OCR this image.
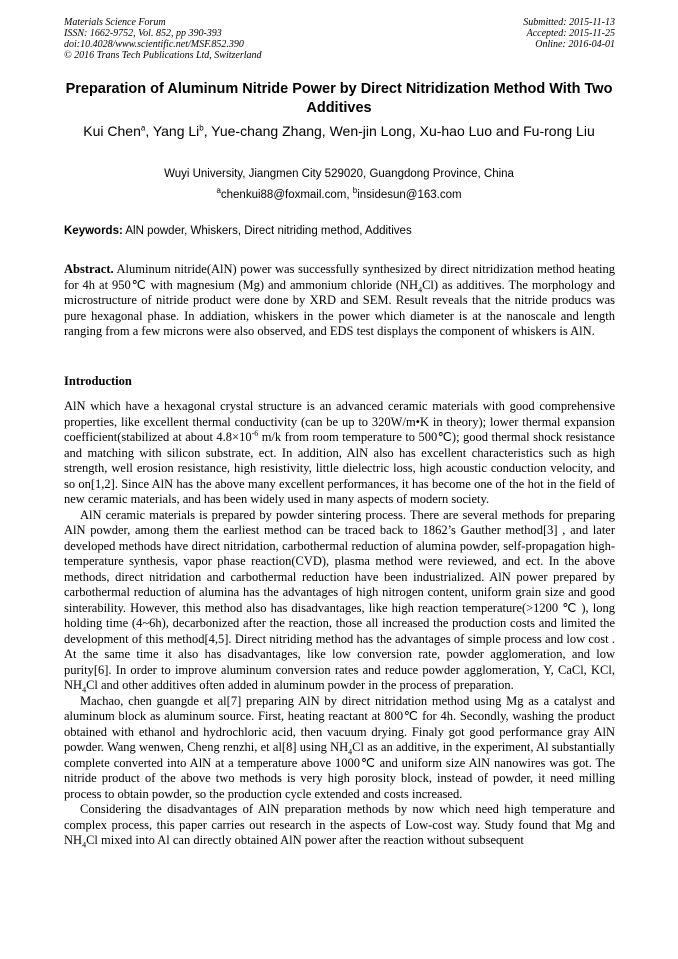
Materials Science Forum
ISSN: 1662-9752, Vol. 852, pp 390-393
doi:10.4028/www.scientific.net/MSF.852.390
© 2016 Trans Tech Publications Ltd, Switzerland
Submitted: 2015-11-13
Accepted: 2015-11-25
Online: 2016-04-01
Preparation of Aluminum Nitride Power by Direct Nitridization Method With Two Additives
Kui Chen$^a$, Yang Li$^b$, Yue-chang Zhang, Wen-jin Long, Xu-hao Luo and Fu-rong Liu
Wuyi University, Jiangmen City 529020, Guangdong Province, China
$^a$chenkui88@foxmail.com, $^b$insidesun@163.com
Keywords: AlN powder, Whiskers, Direct nitriding method, Additives
Abstract. Aluminum nitride(AlN) power was successfully synthesized by direct nitridization method heating for 4h at 950℃ with magnesium (Mg) and ammonium chloride $(NH_4Cl)$ as additives. The morphology and microstructure of nitride product were done by XRD and SEM. Result reveals that the nitride producs was pure hexagonal phase. In addiation, whiskers in the power which diameter is at the nanoscale and length ranging from a few microns were also observed, and EDS test displays the component of whiskers is AlN.
Introduction

AlN which have a hexagonal crystal structure is an advanced ceramic materials with good comprehensive properties, like excellent thermal conductivity (can be up to 320W/m•K in theory); lower thermal expansion coefficient(stabilized at about $4.8\times 10^{-6}$ m/k from room temperature to 500℃); good thermal shock resistance and matching with silicon substrate, ect. In addition, AlN also has excellent characteristics such as high strength, well erosion resistance, high resistivity, little dielectric loss, high acoustic conduction velocity, and so on[1,2]. Since AlN has the above many excellent performances, it has become one of the hot in the field of new ceramic materials, and has been widely used in many aspects of modern society.

AlN ceramic materials is prepared by powder sintering process. There are several methods for preparing AlN powder, among them the earliest method can be traced back to 1862’s Gauther method[3] , and later developed methods have direct nitridation, carbothermal reduction of alumina powder, self-propagation high-temperature synthesis, vapor phase reaction(CVD), plasma method were reviewed, and ect. In the above methods, direct nitridation and carbothermal reduction have been industrialized. AlN power prepared by carbothermal reduction of alumina has the advantages of high nitrogen content, uniform grain size and good sinterability. However, this method also has disadvantages, like high reaction temperature(>1200 ℃ ), long holding time (4~6h), decarbonized after the reaction, those all increased the production costs and limited the development of this method[4,5]. Direct nitriding method has the advantages of simple process and low cost . At the same time it also has disadvantages, like low conversion rate, powder agglomeration, and low purity[6]. In order to improve aluminum conversion rates and reduce powder agglomeration, Y, CaCl, KCl, $NH_4Cl$ and other additives often added in aluminum powder in the process of preparation.

Machao, chen guangde et al[7] preparing AlN by direct nitridation method using Mg as a catalyst and aluminum block as aluminum source. First, heating reactant at 800℃ for 4h. Secondly, washing the product obtained with ethanol and hydrochloric acid, then vacuum drying. Finaly got good performance gray AlN powder. Wang wenwen, Cheng renzhi, et al[8] using $NH_4Cl$ as an additive, in the experiment, Al substantially complete converted into AlN at a temperature above 1000℃ and uniform size AlN nanowires was got. The nitride product of the above two methods is very high porosity block, instead of powder, it need milling process to obtain powder, so the production cycle extended and costs increased.

Considering the disadvantages of AlN preparation methods by now which need high temperature and complex process, this paper carries out research in the aspects of Low-cost way. Study found that Mg and $NH_4Cl$ mixed into Al can directly obtained AlN power after the reaction without subsequent
